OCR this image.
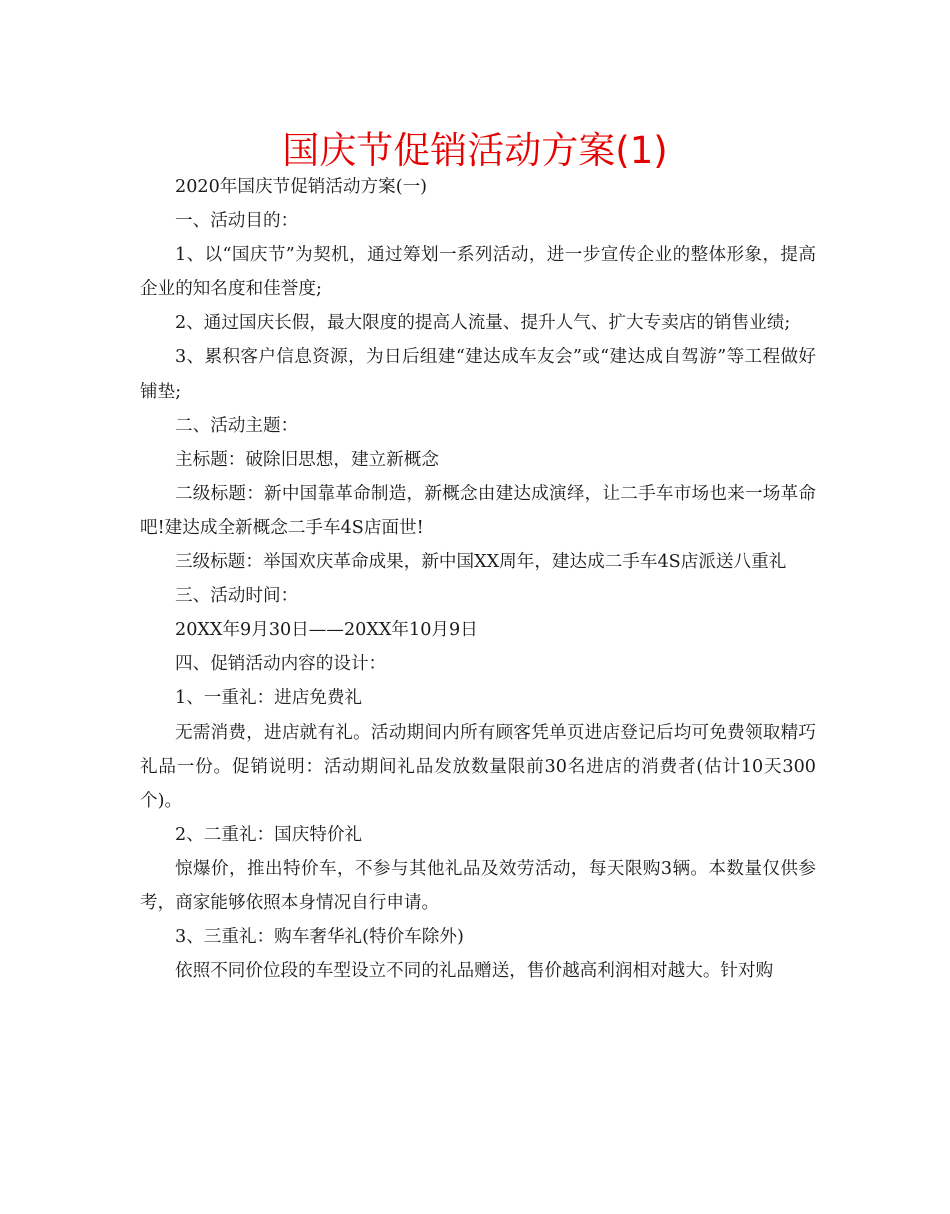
国庆节促销活动方案(1)

2020年国庆节促销活动方案(一)

一、活动目的：

1、以“国庆节”为契机，通过筹划一系列活动，进一步宣传企业的整体形象，提高企业的知名度和佳誉度;

2、通过国庆长假，最大限度的提高人流量、提升人气、扩大专卖店的销售业绩;

3、累积客户信息资源，为日后组建“建达成车友会”或“建达成自驾游”等工程做好铺垫;

二、活动主题：

主标题：破除旧思想，建立新概念

二级标题：新中国靠革命制造，新概念由建达成演绎，让二手车市场也来一场革命吧!建达成全新概念二手车4S店面世!

三级标题：举国欢庆革命成果，新中国XX周年，建达成二手车4S店派送八重礼

三、活动时间：

20XX年9月30日——20XX年10月9日

四、促销活动内容的设计：

1、一重礼：进店免费礼

无需消费，进店就有礼。活动期间内所有顾客凭单页进店登记后均可免费领取精巧礼品一份。促销说明：活动期间礼品发放数量限前30名进店的消费者(估计10天300个)。

2、二重礼：国庆特价礼

惊爆价，推出特价车，不参与其他礼品及效劳活动，每天限购3辆。本数量仅供参考，商家能够依照本身情况自行申请。

3、三重礼：购车奢华礼(特价车除外)

依照不同价位段的车型设立不同的礼品赠送，售价越高利润相对越大。针对购
